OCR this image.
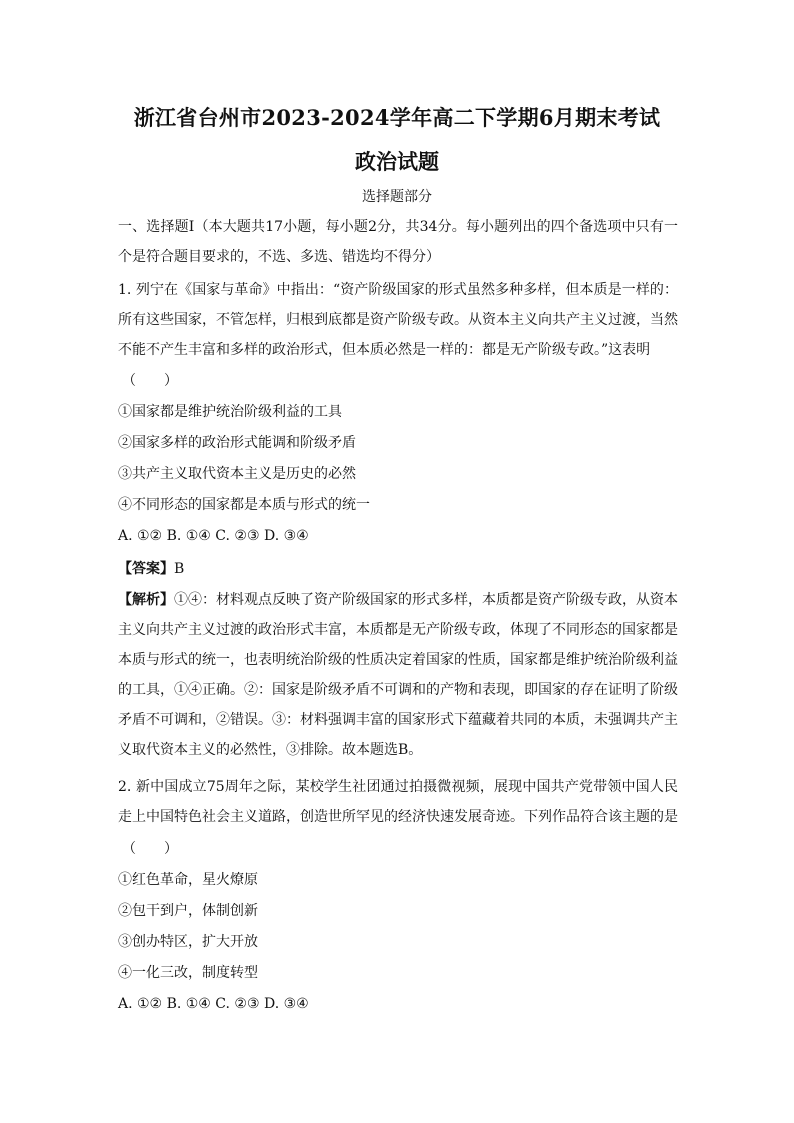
浙江省台州市2023-2024学年高二下学期6月期末考试
政治试题
选择题部分

一、选择题Ⅰ（本大题共17小题，每小题2分，共34分。每小题列出的四个备选项中只有一个是符合题目要求的，不选、多选、错选均不得分）

1. 列宁在《国家与革命》中指出：“资产阶级国家的形式虽然多种多样，但本质是一样的：所有这些国家，不管怎样，归根到底都是资产阶级专政。从资本主义向共产主义过渡，当然不能不产生丰富和多样的政治形式，但本质必然是一样的：都是无产阶级专政。”这表明

（　　）
①国家都是维护统治阶级利益的工具
②国家多样的政治形式能调和阶级矛盾
③共产主义取代资本主义是历史的必然
④不同形态的国家都是本质与形式的统一
A. ①② B. ①④ C. ②③ D. ③④
【答案】B

【解析】①④：材料观点反映了资产阶级国家的形式多样，本质都是资产阶级专政，从资本主义向共产主义过渡的政治形式丰富，本质都是无产阶级专政，体现了不同形态的国家都是本质与形式的统一，也表明统治阶级的性质决定着国家的性质，国家都是维护统治阶级利益的工具，①④正确。②：国家是阶级矛盾不可调和的产物和表现，即国家的存在证明了阶级矛盾不可调和，②错误。③：材料强调丰富的国家形式下蕴藏着共同的本质，未强调共产主义取代资本主义的必然性，③排除。故本题选B。

2. 新中国成立75周年之际，某校学生社团通过拍摄微视频，展现中国共产党带领中国人民走上中国特色社会主义道路，创造世所罕见的经济快速发展奇迹。下列作品符合该主题的是

（　　）
①红色革命，星火燎原
②包干到户，体制创新
③创办特区，扩大开放
④一化三改，制度转型
A. ①② B. ①④ C. ②③ D. ③④
